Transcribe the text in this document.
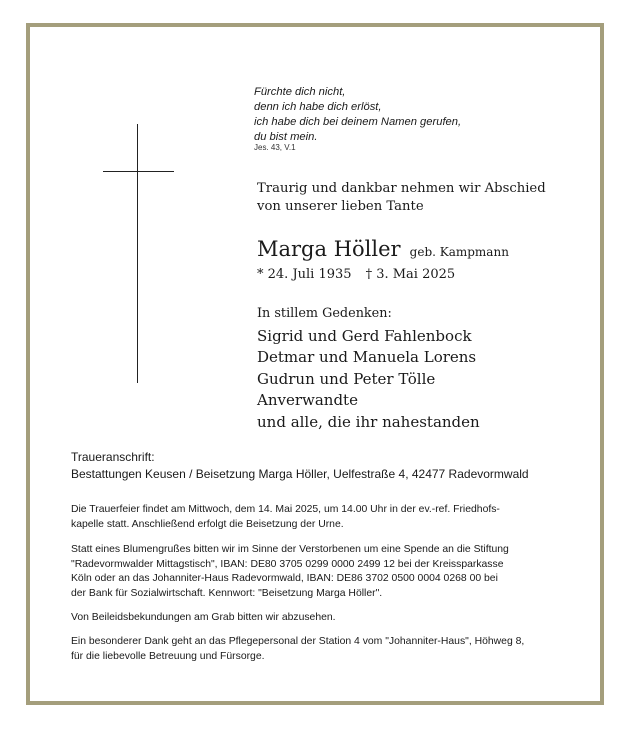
Fürchte dich nicht,
denn ich habe dich erlöst,
ich habe dich bei deinem Namen gerufen,
du bist mein.
Jes. 43, V.1
Traurig und dankbar nehmen wir Abschied
von unserer lieben Tante
Marga Höller geb. Kampmann
* 24. Juli 1935 † 3. Mai 2025
In stillem Gedenken:
Sigrid und Gerd Fahlenbock
Detmar und Manuela Lorens
Gudrun und Peter Tölle
Anverwandte
und alle, die ihr nahestanden
Traueranschrift:
Bestattungen Keusen / Beisetzung Marga Höller, Uelfestraße 4, 42477 Radevormwald
Die Trauerfeier findet am Mittwoch, dem 14. Mai 2025, um 14.00 Uhr in der ev.-ref. Friedhofs-
kapelle statt. Anschließend erfolgt die Beisetzung der Urne.
Statt eines Blumengrußes bitten wir im Sinne der Verstorbenen um eine Spende an die Stiftung
"Radevormwalder Mittagstisch", IBAN: DE80 3705 0299 0000 2499 12 bei der Kreissparkasse
Köln oder an das Johanniter-Haus Radevormwald, IBAN: DE86 3702 0500 0004 0268 00 bei
der Bank für Sozialwirtschaft. Kennwort: "Beisetzung Marga Höller".
Von Beileidsbekundungen am Grab bitten wir abzusehen.
Ein besonderer Dank geht an das Pflegepersonal der Station 4 vom "Johanniter-Haus", Höhweg 8,
für die liebevolle Betreuung und Fürsorge.
